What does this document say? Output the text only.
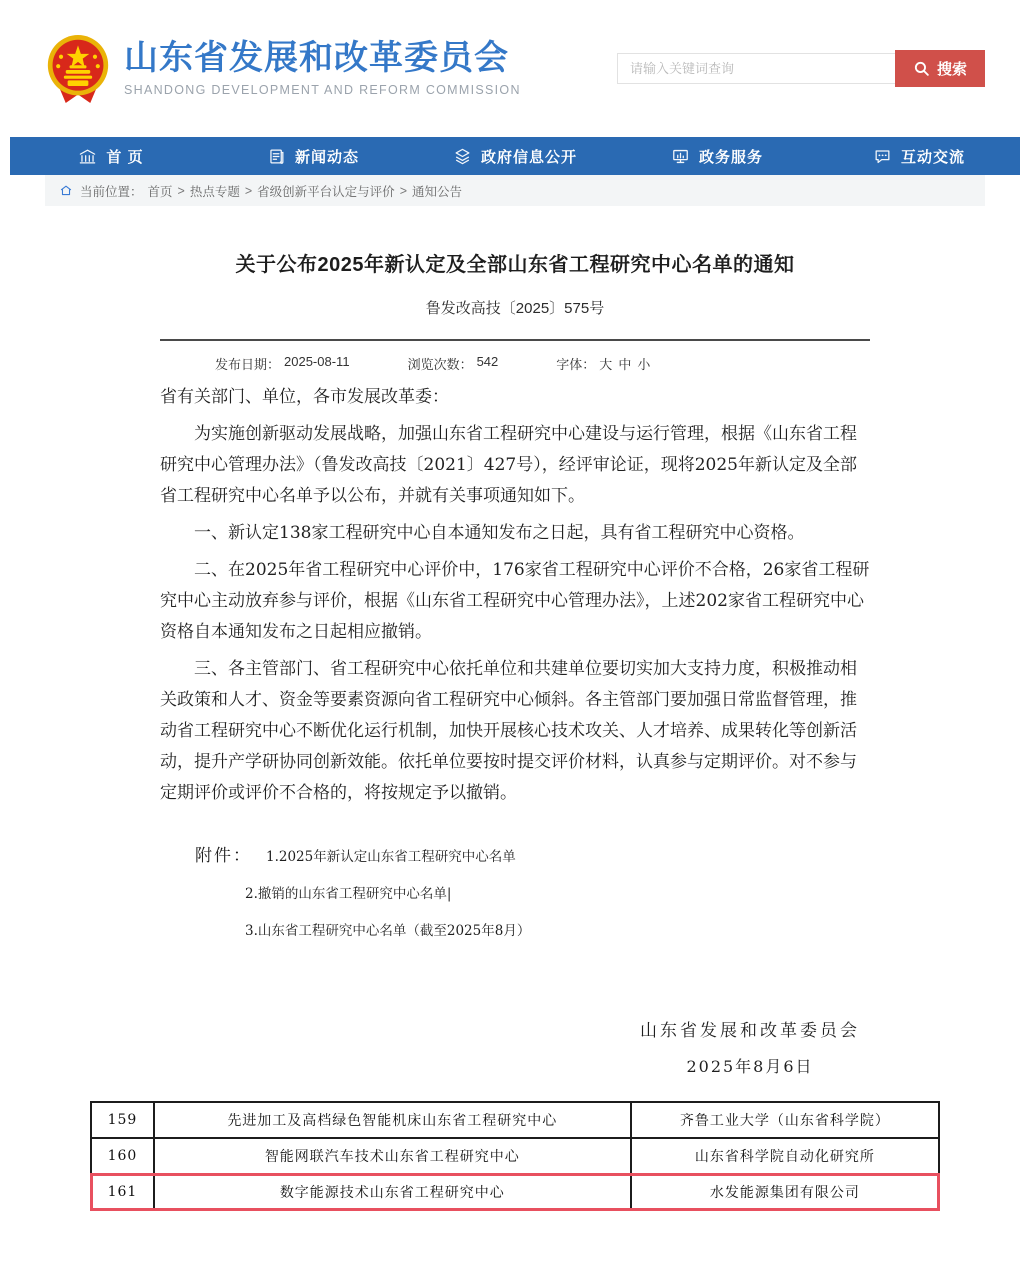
山东省发展和改革委员会
SHANDONG DEVELOPMENT AND REFORM COMMISSION
请输入关键词查询
搜索
首 页	新闻动态	政府信息公开	政务服务	互动交流
当前位置： 首页 > 热点专题 > 省级创新平台认定与评价 > 通知公告
关于公布2025年新认定及全部山东省工程研究中心名单的通知
鲁发改高技〔2025〕575号
发布日期： 2025-08-11	浏览次数： 542	字体： 大 中 小

省有关部门、单位，各市发展改革委：

为实施创新驱动发展战略，加强山东省工程研究中心建设与运行管理，根据《山东省工程研究中心管理办法》（鲁发改高技〔2021〕427号），经评审论证，现将2025年新认定及全部省工程研究中心名单予以公布，并就有关事项通知如下。

一、新认定138家工程研究中心自本通知发布之日起，具有省工程研究中心资格。

二、在2025年省工程研究中心评价中，176家省工程研究中心评价不合格，26家省工程研究中心主动放弃参与评价，根据《山东省工程研究中心管理办法》，上述202家省工程研究中心资格自本通知发布之日起相应撤销。

三、各主管部门、省工程研究中心依托单位和共建单位要切实加大支持力度，积极推动相关政策和人才、资金等要素资源向省工程研究中心倾斜。各主管部门要加强日常监督管理，推动省工程研究中心不断优化运行机制，加快开展核心技术攻关、人才培养、成果转化等创新活动，提升产学研协同创新效能。依托单位要按时提交评价材料，认真参与定期评价。对不参与定期评价或评价不合格的，将按规定予以撤销。

附件： 1.2025年新认定山东省工程研究中心名单
2.撤销的山东省工程研究中心名单|
3.山东省工程研究中心名单（截至2025年8月）
山东省发展和改革委员会
2025年8月6日
159	先进加工及高档绿色智能机床山东省工程研究中心	齐鲁工业大学（山东省科学院）
160	智能网联汽车技术山东省工程研究中心	山东省科学院自动化研究所
161	数字能源技术山东省工程研究中心	水发能源集团有限公司
